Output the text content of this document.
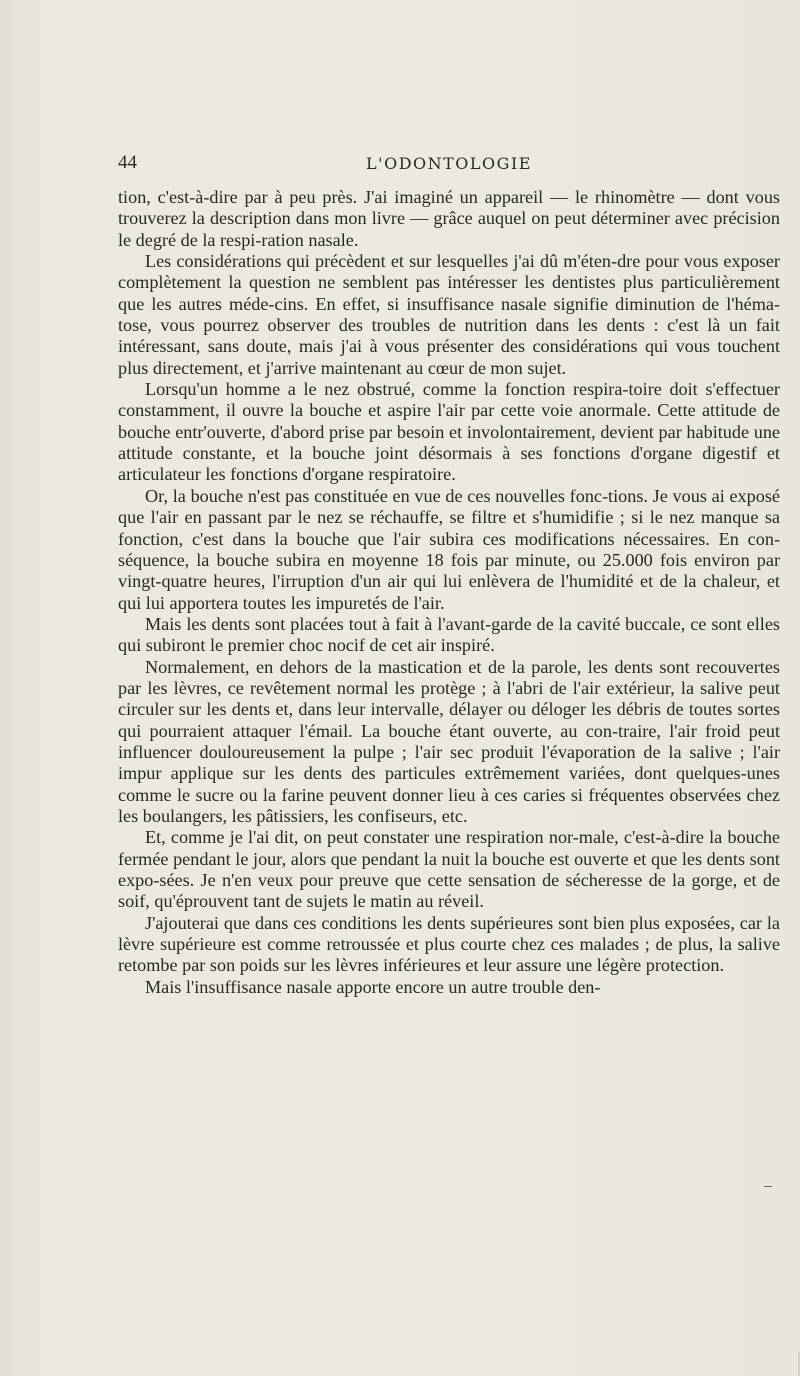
44	L'ODONTOLOGIE

tion, c'est-à-dire par à peu près. J'ai imaginé un appareil — le rhinomètre — dont vous trouverez la description dans mon livre — grâce auquel on peut déterminer avec précision le degré de la respi-ration nasale.

Les considérations qui précèdent et sur lesquelles j'ai dû m'éten-dre pour vous exposer complètement la question ne semblent pas intéresser les dentistes plus particulièrement que les autres méde-cins. En effet, si insuffisance nasale signifie diminution de l'héma-tose, vous pourrez observer des troubles de nutrition dans les dents : c'est là un fait intéressant, sans doute, mais j'ai à vous présenter des considérations qui vous touchent plus directement, et j'arrive maintenant au cœur de mon sujet.

Lorsqu'un homme a le nez obstrué, comme la fonction respira-toire doit s'effectuer constamment, il ouvre la bouche et aspire l'air par cette voie anormale. Cette attitude de bouche entr'ouverte, d'abord prise par besoin et involontairement, devient par habitude une attitude constante, et la bouche joint désormais à ses fonctions d'organe digestif et articulateur les fonctions d'organe respiratoire.

Or, la bouche n'est pas constituée en vue de ces nouvelles fonc-tions. Je vous ai exposé que l'air en passant par le nez se réchauffe, se filtre et s'humidifie ; si le nez manque sa fonction, c'est dans la bouche que l'air subira ces modifications nécessaires. En con-séquence, la bouche subira en moyenne 18 fois par minute, ou 25.000 fois environ par vingt-quatre heures, l'irruption d'un air qui lui enlèvera de l'humidité et de la chaleur, et qui lui apportera toutes les impuretés de l'air.

Mais les dents sont placées tout à fait à l'avant-garde de la cavité buccale, ce sont elles qui subiront le premier choc nocif de cet air inspiré.

Normalement, en dehors de la mastication et de la parole, les dents sont recouvertes par les lèvres, ce revêtement normal les protège ; à l'abri de l'air extérieur, la salive peut circuler sur les dents et, dans leur intervalle, délayer ou déloger les débris de toutes sortes qui pourraient attaquer l'émail. La bouche étant ouverte, au con-traire, l'air froid peut influencer douloureusement la pulpe ; l'air sec produit l'évaporation de la salive ; l'air impur applique sur les dents des particules extrêmement variées, dont quelques-unes comme le sucre ou la farine peuvent donner lieu à ces caries si fréquentes observées chez les boulangers, les pâtissiers, les confiseurs, etc.

Et, comme je l'ai dit, on peut constater une respiration nor-male, c'est-à-dire la bouche fermée pendant le jour, alors que pendant la nuit la bouche est ouverte et que les dents sont expo-sées. Je n'en veux pour preuve que cette sensation de sécheresse de la gorge, et de soif, qu'éprouvent tant de sujets le matin au réveil.

J'ajouterai que dans ces conditions les dents supérieures sont bien plus exposées, car la lèvre supérieure est comme retroussée et plus courte chez ces malades ; de plus, la salive retombe par son poids sur les lèvres inférieures et leur assure une légère protection.

Mais l'insuffisance nasale apporte encore un autre trouble den-
